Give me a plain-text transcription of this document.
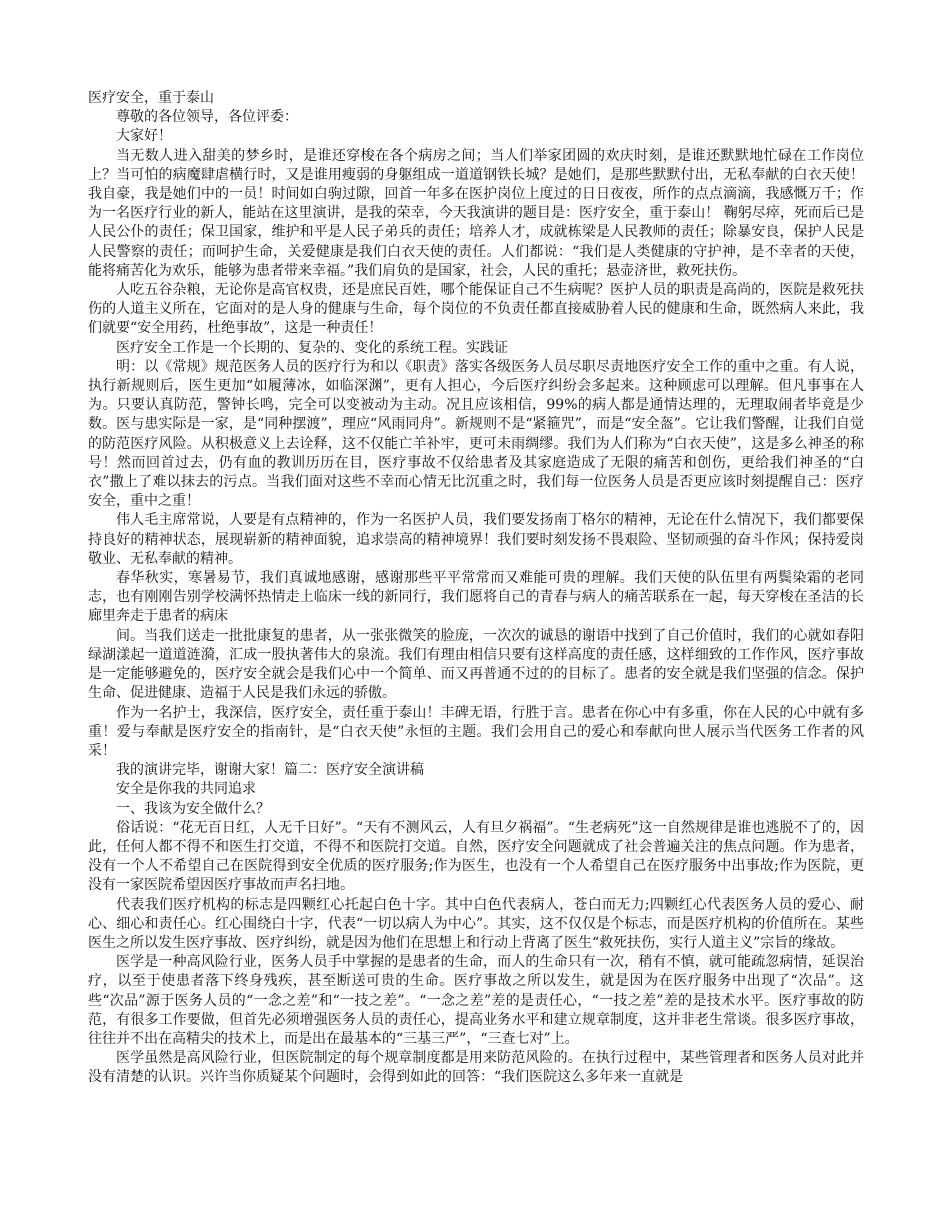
医疗安全，重于泰山

尊敬的各位领导，各位评委：

大家好！

当无数人进入甜美的梦乡时，是谁还穿梭在各个病房之间；当人们举家团圆的欢庆时刻，是谁还默默地忙碌在工作岗位上？当可怕的病魔肆虐横行时，又是谁用瘦弱的身躯组成一道道钢铁长城？是她们，是那些默默付出，无私奉献的白衣天使！我自豪，我是她们中的一员！时间如白驹过隙，回首一年多在医护岗位上度过的日日夜夜，所作的点点滴滴，我感慨万千；作为一名医疗行业的新人，能站在这里演讲，是我的荣幸，今天我演讲的题目是：医疗安全，重于泰山！ 鞠躬尽瘁，死而后已是人民公仆的责任；保卫国家，维护和平是人民子弟兵的责任；培养人才，成就栋梁是人民教师的责任；除暴安良，保护人民是人民警察的责任；而呵护生命，关爱健康是我们白衣天使的责任。人们都说：“我们是人类健康的守护神，是不幸者的天使，能将痛苦化为欢乐，能够为患者带来幸福。”我们肩负的是国家，社会，人民的重托；悬壶济世，救死扶伤。

人吃五谷杂粮，无论你是高官权贵，还是庶民百姓，哪个能保证自己不生病呢？医护人员的职责是高尚的，医院是救死扶伤的人道主义所在，它面对的是人身的健康与生命，每个岗位的不负责任都直接威胁着人民的健康和生命，既然病人来此，我们就要“安全用药，杜绝事故”，这是一种责任！

医疗安全工作是一个长期的、复杂的、变化的系统工程。实践证

明：以《常规》规范医务人员的医疗行为和以《职责》落实各级医务人员尽职尽责地医疗安全工作的重中之重。有人说，执行新规则后，医生更加“如履薄冰，如临深渊”，更有人担心，今后医疗纠纷会多起来。这种顾虑可以理解。但凡事事在人为。只要认真防范，警钟长鸣，完全可以变被动为主动。况且应该相信，99%的病人都是通情达理的，无理取闹者毕竟是少数。医与患实际是一家，是“同种摆渡”，理应“风雨同舟”。新规则不是“紧箍咒”，而是“安全盔”。它让我们警醒，让我们自觉的防范医疗风险。从积极意义上去诠释，这不仅能亡羊补牢，更可未雨绸缪。我们为人们称为“白衣天使”，这是多么神圣的称号！然而回首过去，仍有血的教训历历在目，医疗事故不仅给患者及其家庭造成了无限的痛苦和创伤，更给我们神圣的“白衣”撒上了难以抹去的污点。当我们面对这些不幸而心情无比沉重之时，我们每一位医务人员是否更应该时刻提醒自己：医疗安全，重中之重！

伟人毛主席常说，人要是有点精神的，作为一名医护人员，我们要发扬南丁格尔的精神，无论在什么情况下，我们都要保持良好的精神状态，展现崭新的精神面貌，追求崇高的精神境界！我们要时刻发扬不畏艰险、坚韧顽强的奋斗作风；保持爱岗敬业、无私奉献的精神。

春华秋实，寒暑易节，我们真诚地感谢，感谢那些平平常常而又难能可贵的理解。我们天使的队伍里有两鬓染霜的老同志，也有刚刚告别学校满怀热情走上临床一线的新同行，我们愿将自己的青春与病人的痛苦联系在一起，每天穿梭在圣洁的长廊里奔走于患者的病床

间。当我们送走一批批康复的患者，从一张张微笑的脸庞，一次次的诚恳的谢语中找到了自己价值时，我们的心就如春阳绿湖漾起一道道涟漪，汇成一股执著伟大的泉流。我们有理由相信只要有这样高度的责任感，这样细致的工作作风，医疗事故是一定能够避免的，医疗安全就会是我们心中一个简单、而又再普通不过的的目标了。患者的安全就是我们坚强的信念。保护生命、促进健康、造福于人民是我们永远的骄傲。

作为一名护士，我深信，医疗安全，责任重于泰山！丰碑无语，行胜于言。患者在你心中有多重，你在人民的心中就有多重！爱与奉献是医疗安全的指南针，是“白衣天使”永恒的主题。我们会用自己的爱心和奉献向世人展示当代医务工作者的风采！

我的演讲完毕，谢谢大家！篇二：医疗安全演讲稿

安全是你我的共同追求

一、我该为安全做什么？

俗话说：“花无百日红，人无千日好”。“天有不测风云，人有旦夕祸福”。“生老病死”这一自然规律是谁也逃脱不了的，因此，任何人都不得不和医生打交道，不得不和医院打交道。自然，医疗安全问题就成了社会普遍关注的焦点问题。作为患者，没有一个人不希望自己在医院得到安全优质的医疗服务;作为医生，也没有一个人希望自己在医疗服务中出事故;作为医院，更没有一家医院希望因医疗事故而声名扫地。

代表我们医疗机构的标志是四颗红心托起白色十字。其中白色代表病人，苍白而无力;四颗红心代表医务人员的爱心、耐心、细心和责任心。红心围绕白十字，代表“一切以病人为中心”。其实，这不仅仅是个标志，而是医疗机构的价值所在。某些医生之所以发生医疗事故、医疗纠纷，就是因为他们在思想上和行动上背离了医生“救死扶伤，实行人道主义”宗旨的缘故。

医学是一种高风险行业，医务人员手中掌握的是患者的生命，而人的生命只有一次，稍有不慎，就可能疏忽病情，延误治疗，以至于使患者落下终身残疾，甚至断送可贵的生命。医疗事故之所以发生，就是因为在医疗服务中出现了“次品”。这些“次品”源于医务人员的“一念之差”和“一技之差”。“一念之差”差的是责任心，“一技之差”差的是技术水平。医疗事故的防范，有很多工作要做，但首先必须增强医务人员的责任心，提高业务水平和建立规章制度，这并非老生常谈。很多医疗事故，往往并不出在高精尖的技术上，而是出在最基本的“三基三严”，“三查七对”上。

医学虽然是高风险行业，但医院制定的每个规章制度都是用来防范风险的。在执行过程中，某些管理者和医务人员对此并没有清楚的认识。兴许当你质疑某个问题时，会得到如此的回答：“我们医院这么多年来一直就是
